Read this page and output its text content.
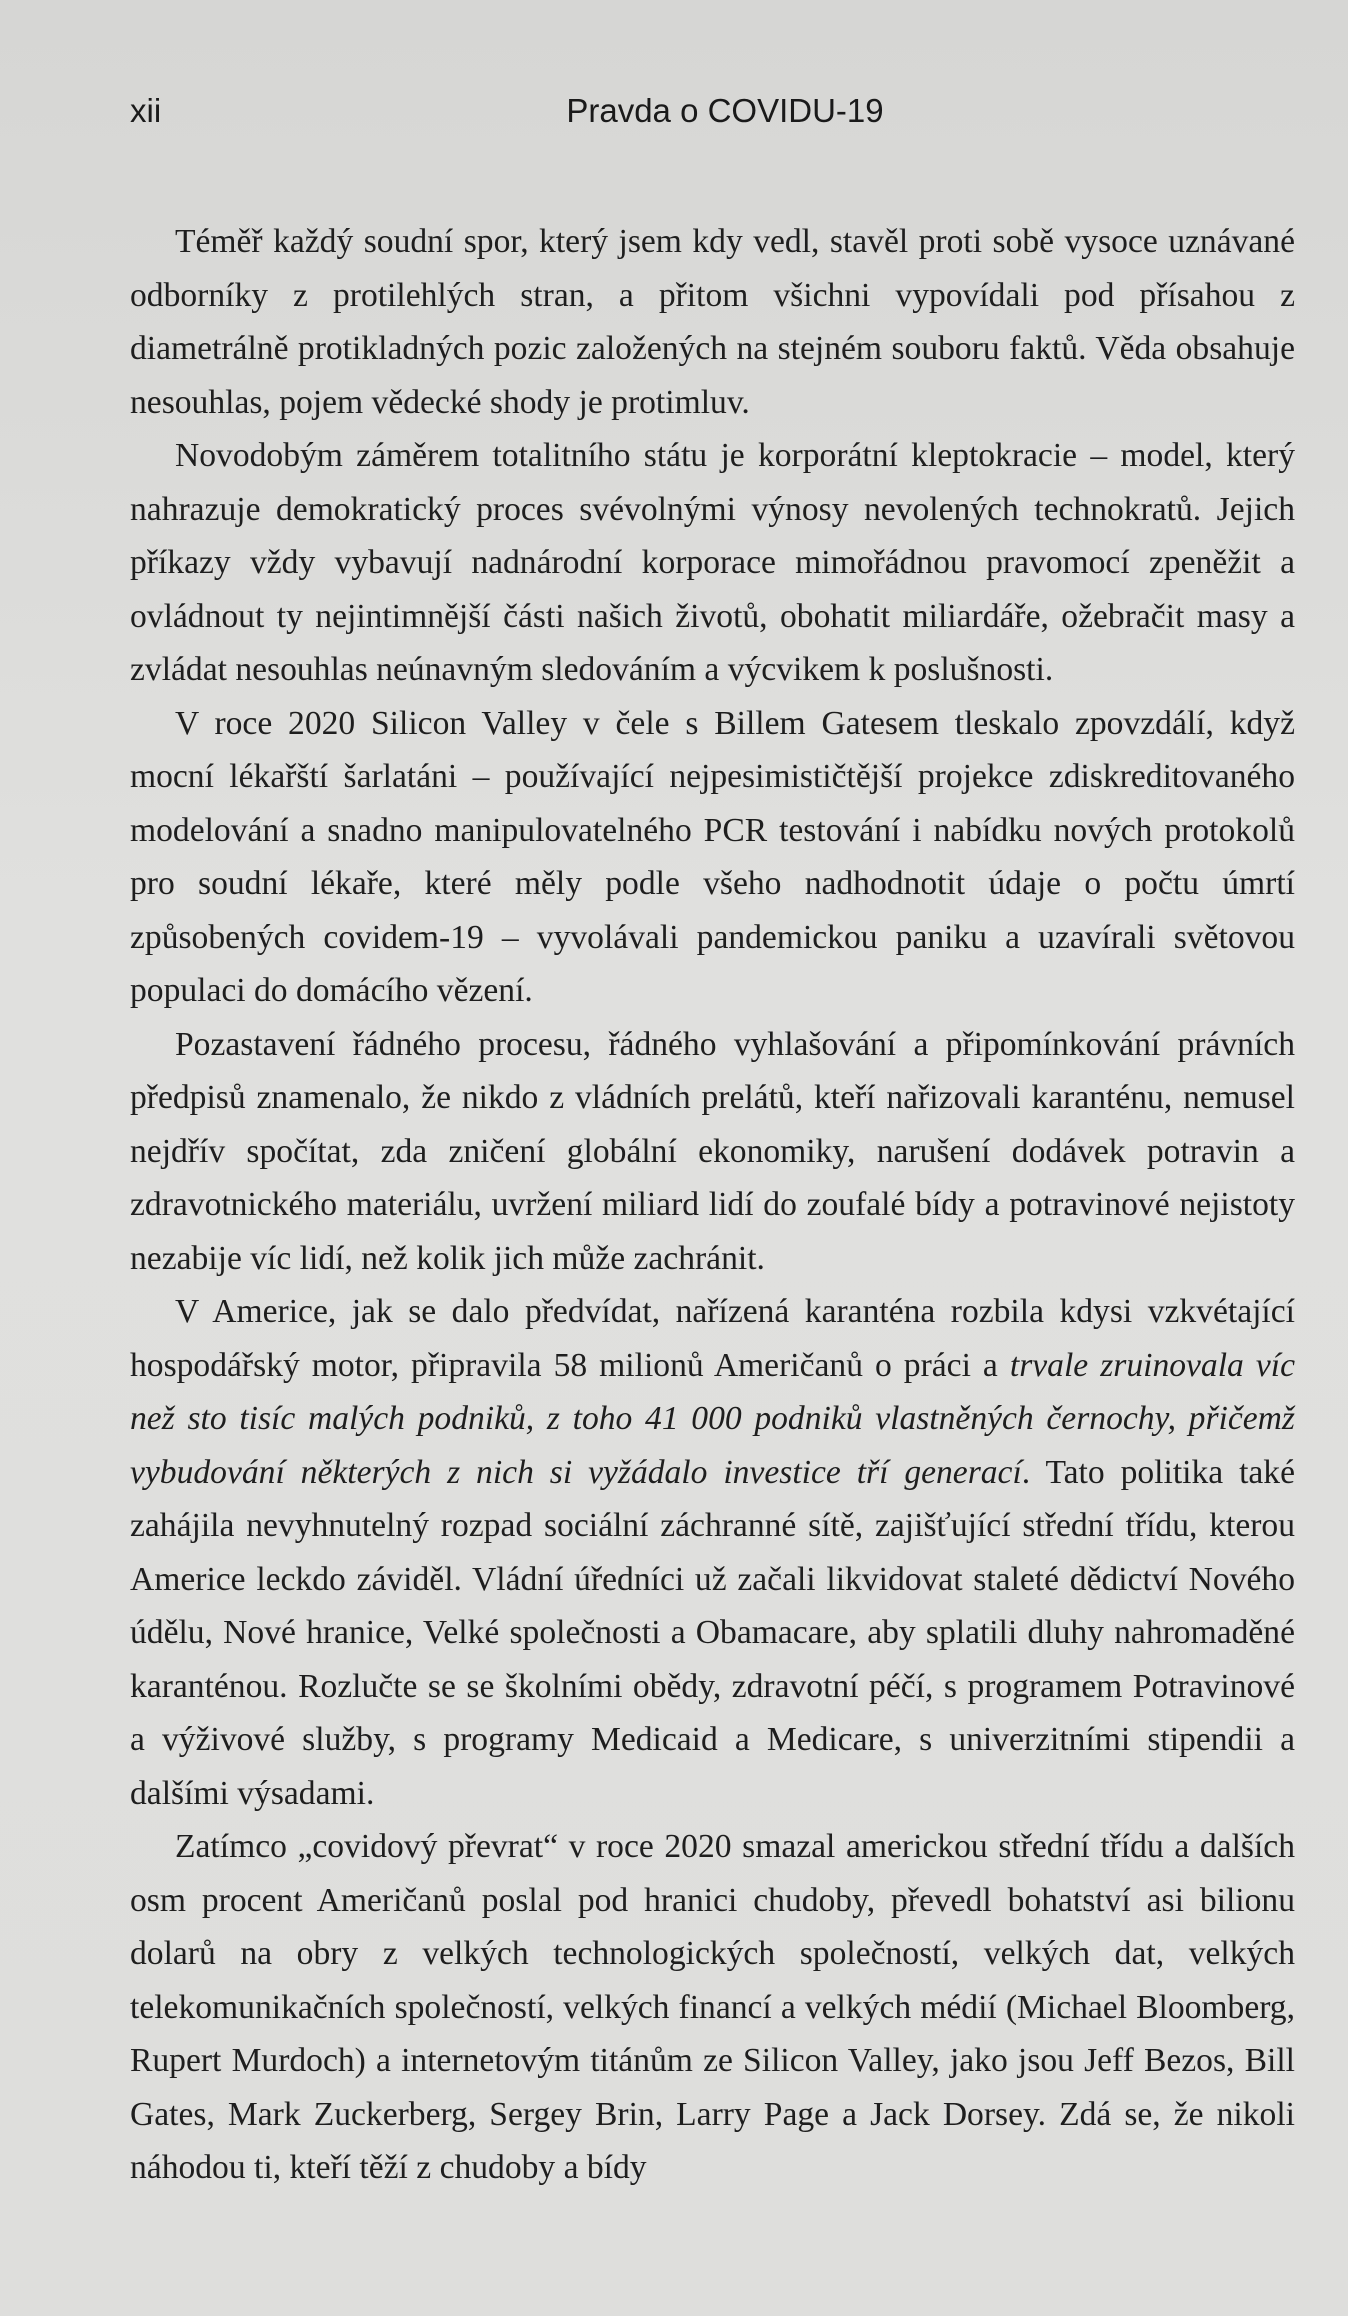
xii	Pravda o COVIDU-19

Téměř každý soudní spor, který jsem kdy vedl, stavěl proti sobě vysoce uznávané odborníky z protilehlých stran, a přitom všichni vypovídali pod přísahou z diametrálně protikladných pozic založených na stejném souboru faktů. Věda obsahuje nesouhlas, pojem vědecké shody je protimluv.

Novodobým záměrem totalitního státu je korporátní kleptokracie – model, který nahrazuje demokratický proces svévolnými výnosy nevolených technokratů. Jejich příkazy vždy vybavují nadnárodní korporace mimořádnou pravomocí zpeněžit a ovládnout ty nejintimnější části našich životů, obohatit miliardáře, ožebračit masy a zvládat nesouhlas neúnavným sledováním a výcvikem k poslušnosti.

V roce 2020 Silicon Valley v čele s Billem Gatesem tleskalo zpovzdálí, když mocní lékařští šarlatáni – používající nejpesimističtější projekce zdiskreditovaného modelování a snadno manipulovatelného PCR testování i nabídku nových protokolů pro soudní lékaře, které měly podle všeho nadhodnotit údaje o počtu úmrtí způsobených covidem-19 – vyvolávali pandemickou paniku a uzavírali světovou populaci do domácího vězení.

Pozastavení řádného procesu, řádného vyhlašování a připomínkování právních předpisů znamenalo, že nikdo z vládních prelátů, kteří nařizovali karanténu, nemusel nejdřív spočítat, zda zničení globální ekonomiky, narušení dodávek potravin a zdravotnického materiálu, uvržení miliard lidí do zoufalé bídy a potravinové nejistoty nezabije víc lidí, než kolik jich může zachránit.

V Americe, jak se dalo předvídat, nařízená karanténa rozbila kdysi vzkvétající hospodářský motor, připravila 58 milionů Američanů o práci a trvale zruinovala víc než sto tisíc malých podniků, z toho 41 000 podniků vlastněných černochy, přičemž vybudování některých z nich si vyžádalo investice tří generací. Tato politika také zahájila nevyhnutelný rozpad sociální záchranné sítě, zajišťující střední třídu, kterou Americe leckdo záviděl. Vládní úředníci už začali likvidovat staleté dědictví Nového údělu, Nové hranice, Velké společnosti a Obamacare, aby splatili dluhy nahromaděné karanténou. Rozlučte se se školními obědy, zdravotní péčí, s programem Potravinové a výživové služby, s programy Medicaid a Medicare, s univerzitními stipendii a dalšími výsadami.

Zatímco „covidový převrat“ v roce 2020 smazal americkou střední třídu a dalších osm procent Američanů poslal pod hranici chudoby, převedl bohatství asi bilionu dolarů na obry z velkých technologických společností, velkých dat, velkých telekomunikačních společností, velkých financí a velkých médií (Michael Bloomberg, Rupert Murdoch) a internetovým titánům ze Silicon Valley, jako jsou Jeff Bezos, Bill Gates, Mark Zuckerberg, Sergey Brin, Larry Page a Jack Dorsey. Zdá se, že nikoli náhodou ti, kteří těží z chudoby a bídy
